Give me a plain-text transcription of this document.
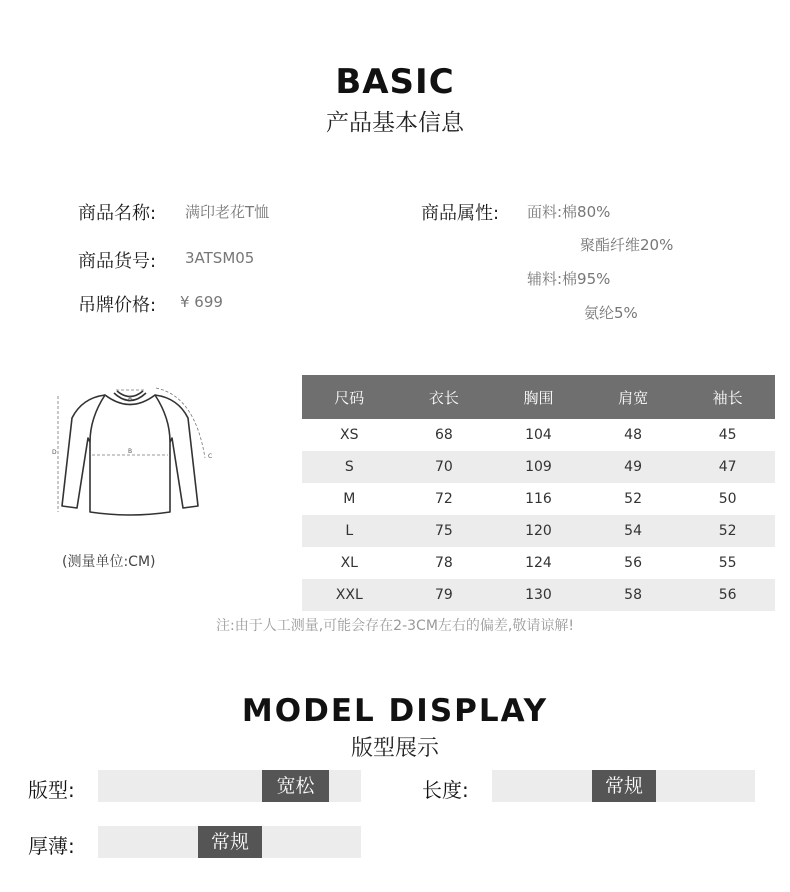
BASIC
产品基本信息
商品名称: 满印老花T恤
商品货号: 3ATSM05
吊牌价格: ¥ 699
商品属性: 面料:棉80%
聚酯纤维20%
辅料:棉95%
氨纶5%
A
B
C
D
(测量单位:CM)
尺码	衣长	胸围	肩宽	袖长
XS	68	104	48	45
S	70	109	49	47
M	72	116	52	50
L	75	120	54	52
XL	78	124	56	55
XXL	79	130	58	56
注:由于人工测量,可能会存在2-3CM左右的偏差,敬请谅解!
MODEL DISPLAY
版型展示
版型:	宽松	长度:	常规
厚薄:	常规
